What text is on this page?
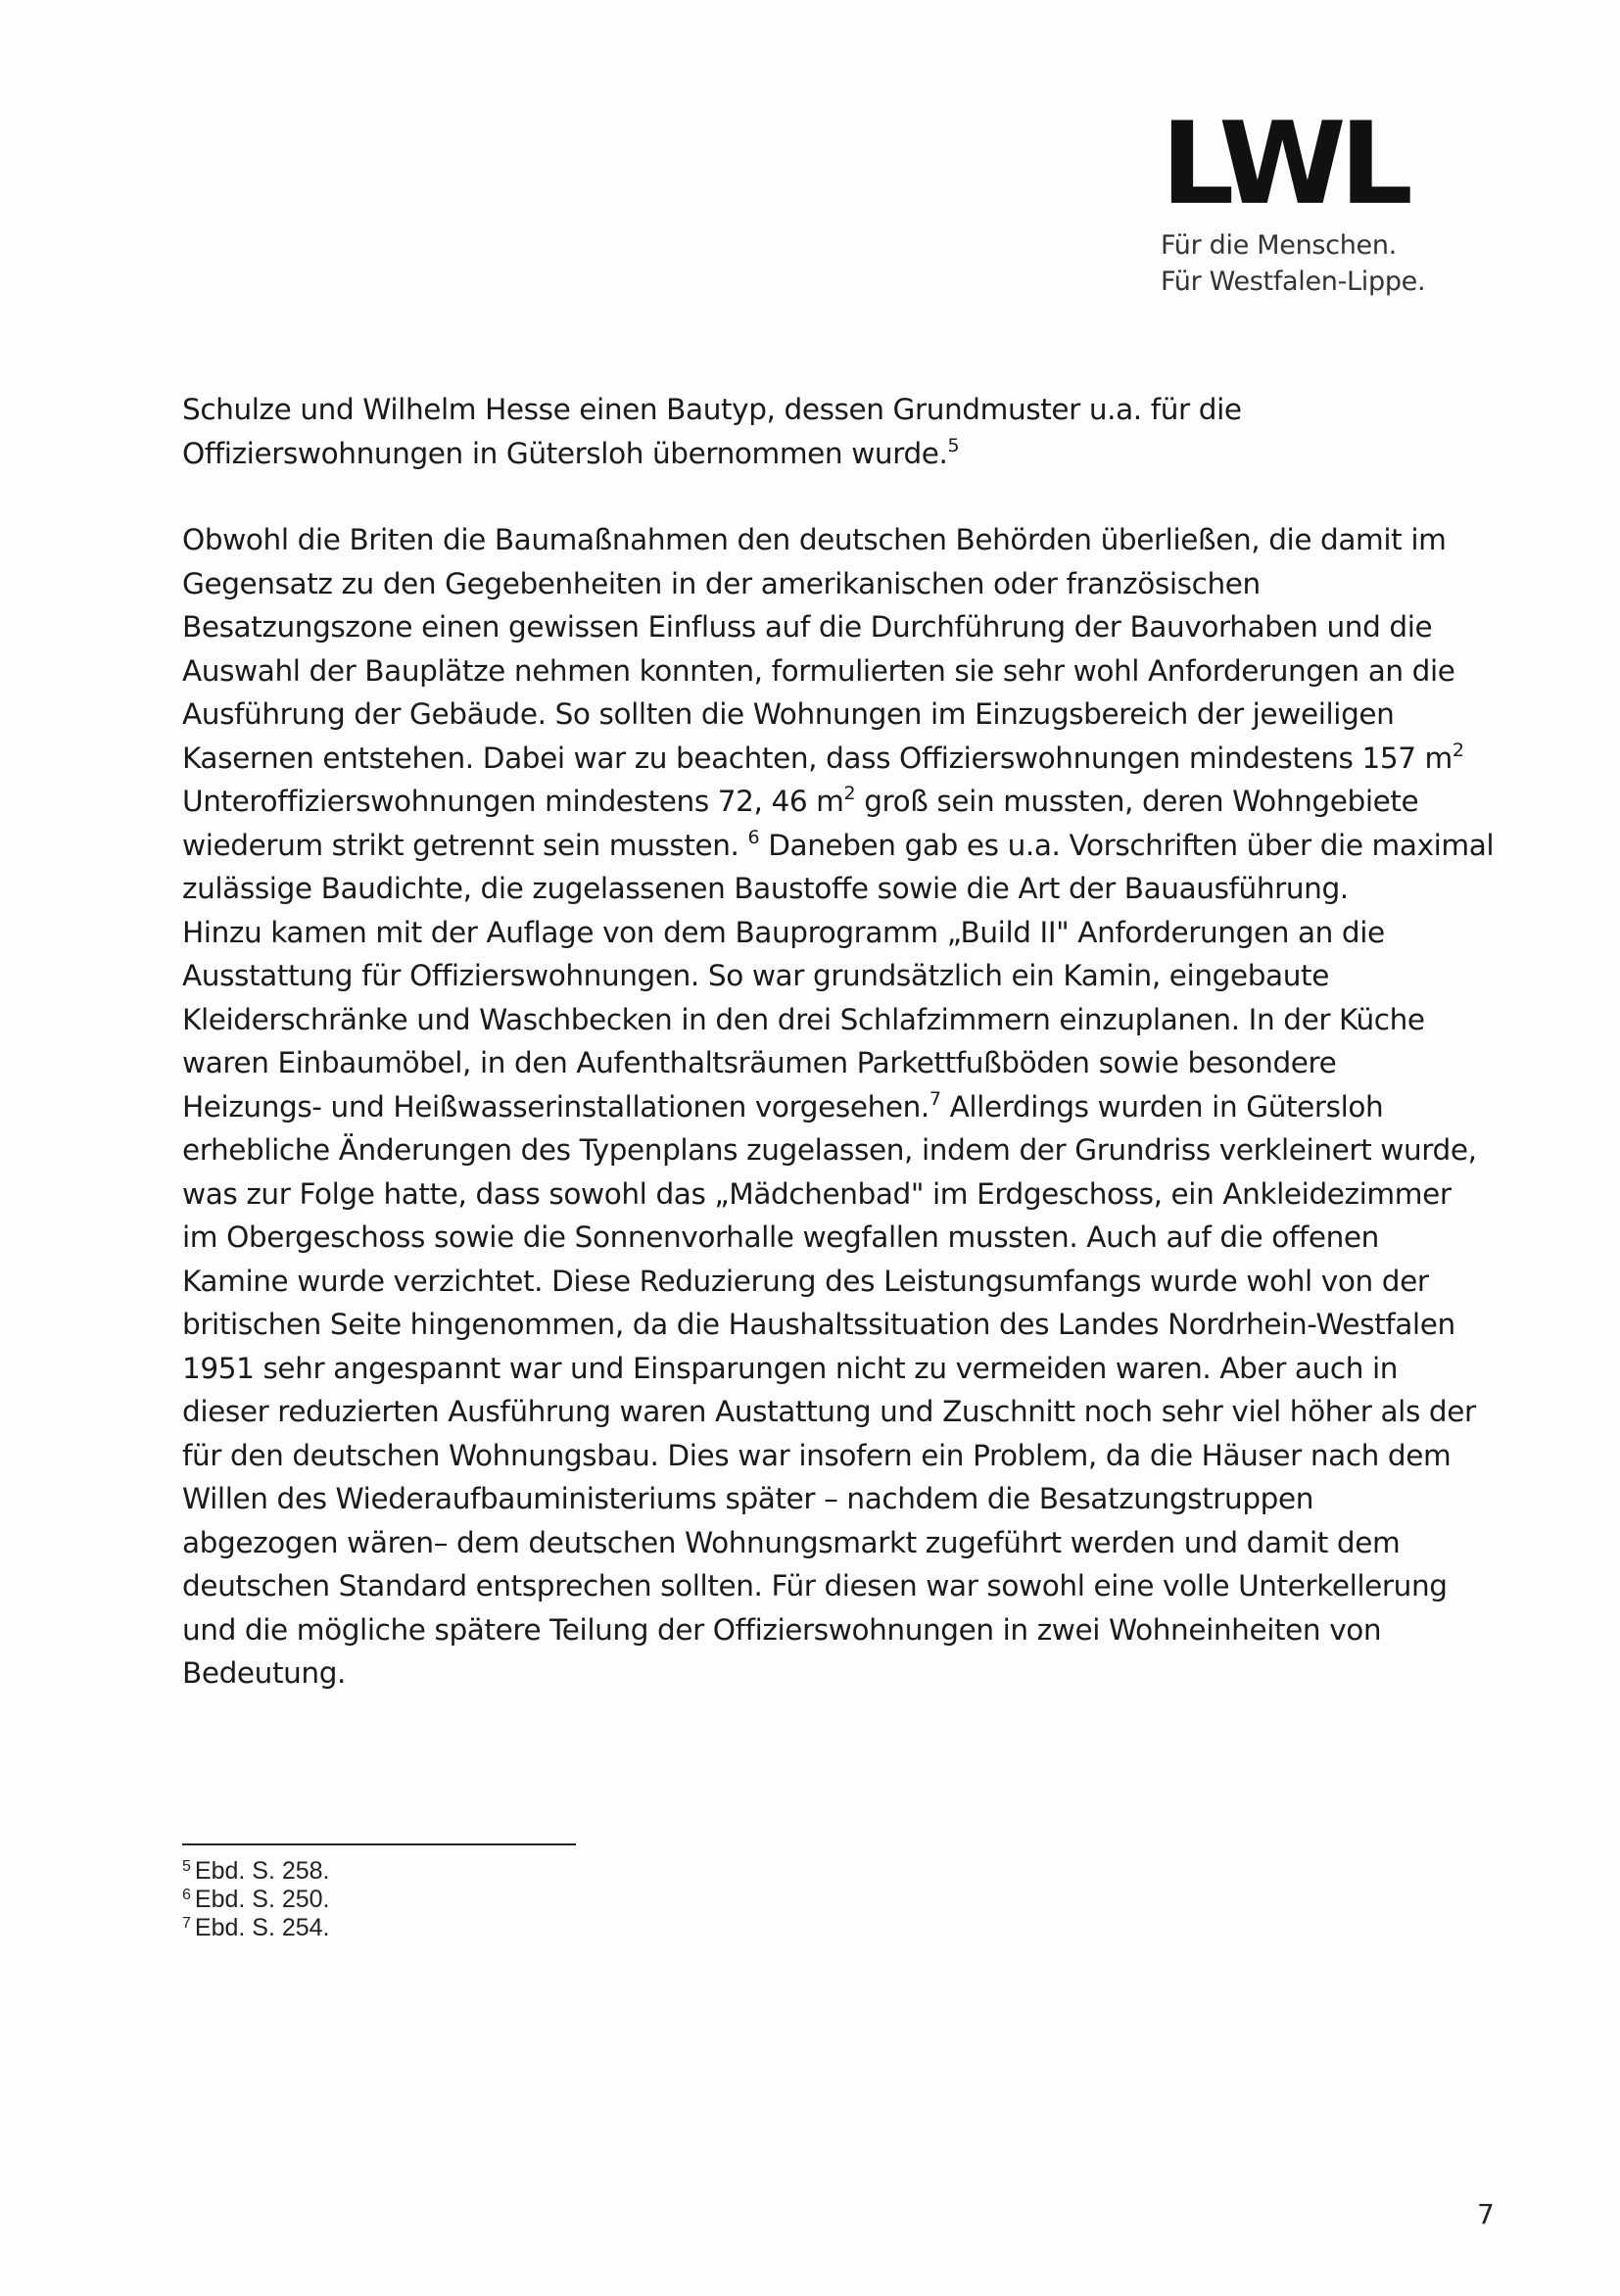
LWL
Für die Menschen.
Für Westfalen-Lippe.
Schulze und Wilhelm Hesse einen Bautyp, dessen Grundmuster u.a. für die
Offizierswohnungen in Gütersloh übernommen wurde.$^5$
Obwohl die Briten die Baumaßnahmen den deutschen Behörden überließen, die damit im
Gegensatz zu den Gegebenheiten in der amerikanischen oder französischen
Besatzungszone einen gewissen Einfluss auf die Durchführung der Bauvorhaben und die
Auswahl der Bauplätze nehmen konnten, formulierten sie sehr wohl Anforderungen an die
Ausführung der Gebäude. So sollten die Wohnungen im Einzugsbereich der jeweiligen
Kasernen entstehen. Dabei war zu beachten, dass Offizierswohnungen mindestens 157 $m^2$
Unteroffizierswohnungen mindestens 72, 46 $m^2$ groß sein mussten, deren Wohngebiete
wiederum strikt getrennt sein mussten. $^6$ Daneben gab es u.a. Vorschriften über die maximal
zulässige Baudichte, die zugelassenen Baustoffe sowie die Art der Bauausführung.
Hinzu kamen mit der Auflage von dem Bauprogramm „Build II" Anforderungen an die
Ausstattung für Offizierswohnungen. So war grundsätzlich ein Kamin, eingebaute
Kleiderschränke und Waschbecken in den drei Schlafzimmern einzuplanen. In der Küche
waren Einbaumöbel, in den Aufenthaltsräumen Parkettfußböden sowie besondere
Heizungs- und Heißwasserinstallationen vorgesehen.$^7$ Allerdings wurden in Gütersloh
erhebliche Änderungen des Typenplans zugelassen, indem der Grundriss verkleinert wurde,
was zur Folge hatte, dass sowohl das „Mädchenbad" im Erdgeschoss, ein Ankleidezimmer
im Obergeschoss sowie die Sonnenvorhalle wegfallen mussten. Auch auf die offenen
Kamine wurde verzichtet. Diese Reduzierung des Leistungsumfangs wurde wohl von der
britischen Seite hingenommen, da die Haushaltssituation des Landes Nordrhein-Westfalen
1951 sehr angespannt war und Einsparungen nicht zu vermeiden waren. Aber auch in
dieser reduzierten Ausführung waren Austattung und Zuschnitt noch sehr viel höher als der
für den deutschen Wohnungsbau. Dies war insofern ein Problem, da die Häuser nach dem
Willen des Wiederaufbauministeriums später – nachdem die Besatzungstruppen
abgezogen wären– dem deutschen Wohnungsmarkt zugeführt werden und damit dem
deutschen Standard entsprechen sollten. Für diesen war sowohl eine volle Unterkellerung
und die mögliche spätere Teilung der Offizierswohnungen in zwei Wohneinheiten von
Bedeutung.
$^5$ Ebd. S. 258.
$^6$ Ebd. S. 250.
$^7$ Ebd. S. 254.
7
